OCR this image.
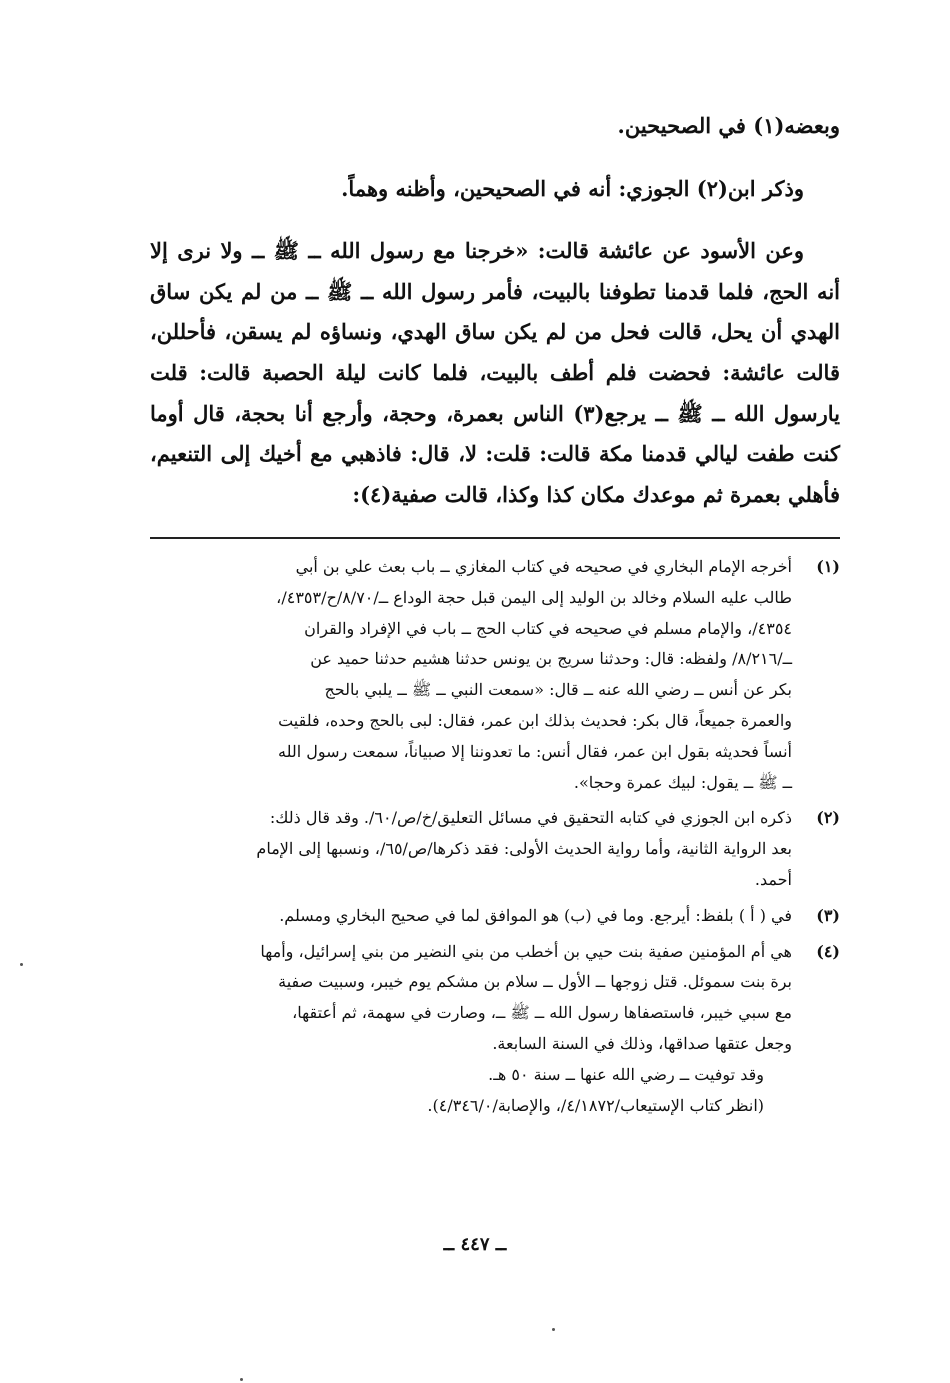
وبعضه(١) في الصحيحين.

وذكر ابن(٢) الجوزي: أنه في الصحيحين، وأظنه وهماً.

وعن الأسود عن عائشة قالت: «خرجنا مع رسول الله ــ ﷺ ــ ولا نرى إلا أنه الحج، فلما قدمنا تطوفنا بالبيت، فأمر رسول الله ــ ﷺ ــ من لم يكن ساق الهدي أن يحل، قالت فحل من لم يكن ساق الهدي، ونساؤه لم يسقن، فأحللن، قالت عائشة: فحضت فلم أطف بالبيت، فلما كانت ليلة الحصبة قالت: قلت يارسول الله ــ ﷺ ــ يرجع(٣) الناس بعمرة، وحجة، وأرجع أنا بحجة، قال أوما كنت طفت ليالي قدمنا مكة قالت: قلت: لا، قال: فاذهبي مع أخيك إلى التنعيم، فأهلي بعمرة ثم موعدك مكان كذا وكذا، قالت صفية(٤):

(١)
أخرجه الإمام البخاري في صحيحه في كتاب المغازي ــ باب بعث علي بن أبي
طالب عليه السلام وخالد بن الوليد إلى اليمن قبل حجة الوداع ــ/٨/٧٠/ح/٤٣٥٣/،
٤٣٥٤/، والإمام مسلم في صحيحه في كتاب الحج ــ باب في الإفراد والقران
ــ/٨/٢١٦/ ولفظه: قال: وحدثنا سريج بن يونس حدثنا هشيم حدثنا حميد عن
بكر عن أنس ــ رضي الله عنه ــ قال: «سمعت النبي ــ ﷺ ــ يلبي بالحج
والعمرة جميعاً، قال بكر: فحديث بذلك ابن عمر، فقال: لبى بالحج وحده، فلقيت
أنساً فحديثه بقول ابن عمر، فقال أنس: ما تعدوننا إلا صبياناً، سمعت رسول الله
ــ ﷺ ــ يقول: لبيك عمرة وحجا».
(٢)
ذكره ابن الجوزي في كتابه التحقيق في مسائل التعليق/خ/ص/٦٠/. وقد قال ذلك:
بعد الرواية الثانية، وأما رواية الحديث الأولى: فقد ذكرها/ص/٦٥/، ونسبها إلى الإمام
أحمد.
(٣)
في ( أ ) بلفظ: أيرجع. وما في (ب) هو الموافق لما في صحيح البخاري ومسلم.
(٤)
هي أم المؤمنين صفية بنت حيي بن أخطب من بني النضير من بني إسرائيل، وأمها
برة بنت سموئل. قتل زوجها ــ الأول ــ سلام بن مشكم يوم خيبر، وسبيت صفية
مع سبي خيبر، فاستصفاها رسول الله ــ ﷺ ــ، وصارت في سهمة، ثم أعتقها،
وجعل عتقها صداقها، وذلك في السنة السابعة.
وقد توفيت ــ رضي الله عنها ــ سنة ٥٠ هـ.
(انظر كتاب الإستيعاب/٤/١٨٧٢/، والإصابة/٤/٣٤٦/٠).
ــ ٤٤٧ ــ
